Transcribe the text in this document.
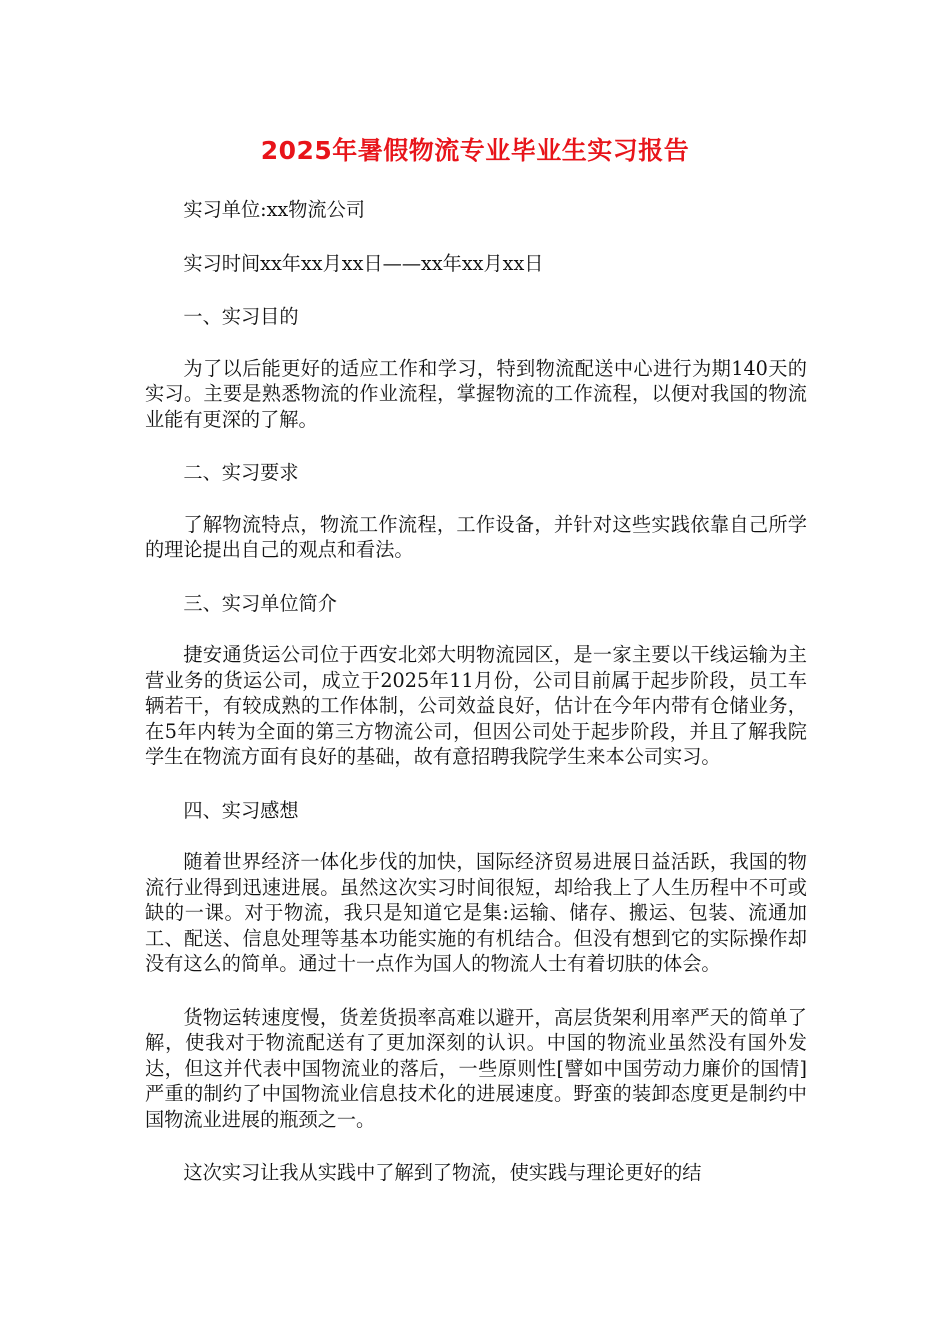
2025年暑假物流专业毕业生实习报告

实习单位:xx物流公司

实习时间xx年xx月xx日——xx年xx月xx日

一、实习目的

为了以后能更好的适应工作和学习，特到物流配送中心进行为期140天的实习。主要是熟悉物流的作业流程，掌握物流的工作流程，以便对我国的物流业能有更深的了解。

二、实习要求

了解物流特点，物流工作流程，工作设备，并针对这些实践依靠自己所学的理论提出自己的观点和看法。

三、实习单位简介

捷安通货运公司位于西安北郊大明物流园区，是一家主要以干线运输为主营业务的货运公司，成立于2025年11月份，公司目前属于起步阶段，员工车辆若干，有较成熟的工作体制，公司效益良好，估计在今年内带有仓储业务，在5年内转为全面的第三方物流公司，但因公司处于起步阶段，并且了解我院学生在物流方面有良好的基础，故有意招聘我院学生来本公司实习。

四、实习感想

随着世界经济一体化步伐的加快，国际经济贸易进展日益活跃，我国的物流行业得到迅速进展。虽然这次实习时间很短，却给我上了人生历程中不可或缺的一课。对于物流，我只是知道它是集:运输、储存、搬运、包装、流通加工、配送、信息处理等基本功能实施的有机结合。但没有想到它的实际操作却没有这么的简单。通过十一点作为国人的物流人士有着切肤的体会。

货物运转速度慢，货差货损率高难以避开，高层货架利用率严天的简单了解，使我对于物流配送有了更加深刻的认识。中国的物流业虽然没有国外发达，但这并代表中国物流业的落后，一些原则性[譬如中国劳动力廉价的国情]严重的制约了中国物流业信息技术化的进展速度。野蛮的装卸态度更是制约中国物流业进展的瓶颈之一。

这次实习让我从实践中了解到了物流，使实践与理论更好的结
